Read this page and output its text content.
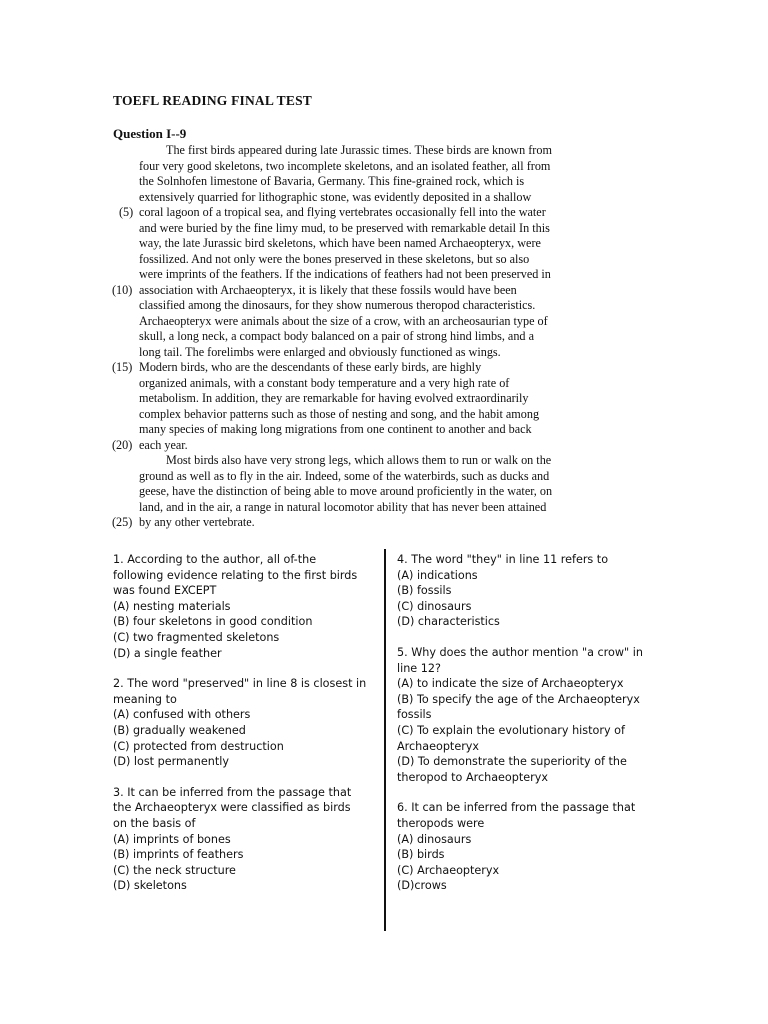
TOEFL READING FINAL TEST
Question I--9
The first birds appeared during late Jurassic times. These birds are known from
four very good skeletons, two incomplete skeletons, and an isolated feather, all from
the Solnhofen limestone of Bavaria, Germany. This fine-grained rock, which is
extensively quarried for lithographic stone, was evidently deposited in a shallow
(5) coral lagoon of a tropical sea, and flying vertebrates occasionally fell into the water
and were buried by the fine limy mud, to be preserved with remarkable detail In this
way, the late Jurassic bird skeletons, which have been named Archaeopteryx, were
fossilized. And not only were the bones preserved in these skeletons, but so also
were imprints of the feathers. If the indications of feathers had not been preserved in
(10) association with Archaeopteryx, it is likely that these fossils would have been
classified among the dinosaurs, for they show numerous theropod characteristics.
Archaeopteryx were animals about the size of a crow, with an archeosaurian type of
skull, a long neck, a compact body balanced on a pair of strong hind limbs, and a
long tail. The forelimbs were enlarged and obviously functioned as wings.
(15) Modern birds, who are the descendants of these early birds, are highly
organized animals, with a constant body temperature and a very high rate of
metabolism. In addition, they are remarkable for having evolved extraordinarily
complex behavior patterns such as those of nesting and song, and the habit among
many species of making long migrations from one continent to another and back
(20) each year.
Most birds also have very strong legs, which allows them to run or walk on the
ground as well as to fly in the air. Indeed, some of the waterbirds, such as ducks and
geese, have the distinction of being able to move around proficiently in the water, on
land, and in the air, a range in natural locomotor ability that has never been attained
(25) by any other vertebrate.
1. According to the author, all of-the following evidence relating to the first birds was found EXCEPT
(A) nesting materials
(B) four skeletons in good condition
(C) two fragmented skeletons
(D) a single feather
2. The word "preserved" in line 8 is closest in meaning to
(A) confused with others
(B) gradually weakened
(C) protected from destruction
(D) lost permanently
3. It can be inferred from the passage that the Archaeopteryx were classified as birds on the basis of
(A) imprints of bones
(B) imprints of feathers
(C) the neck structure
(D) skeletons
4. The word "they" in line 11 refers to
(A) indications
(B) fossils
(C) dinosaurs
(D) characteristics
5. Why does the author mention "a crow" in line 12?
(A) to indicate the size of Archaeopteryx
(B) To specify the age of the Archaeopteryx fossils
(C) To explain the evolutionary history of Archaeopteryx
(D) To demonstrate the superiority of the theropod to Archaeopteryx
6. It can be inferred from the passage that theropods were
(A) dinosaurs
(B) birds
(C) Archaeopteryx
(D)crows
